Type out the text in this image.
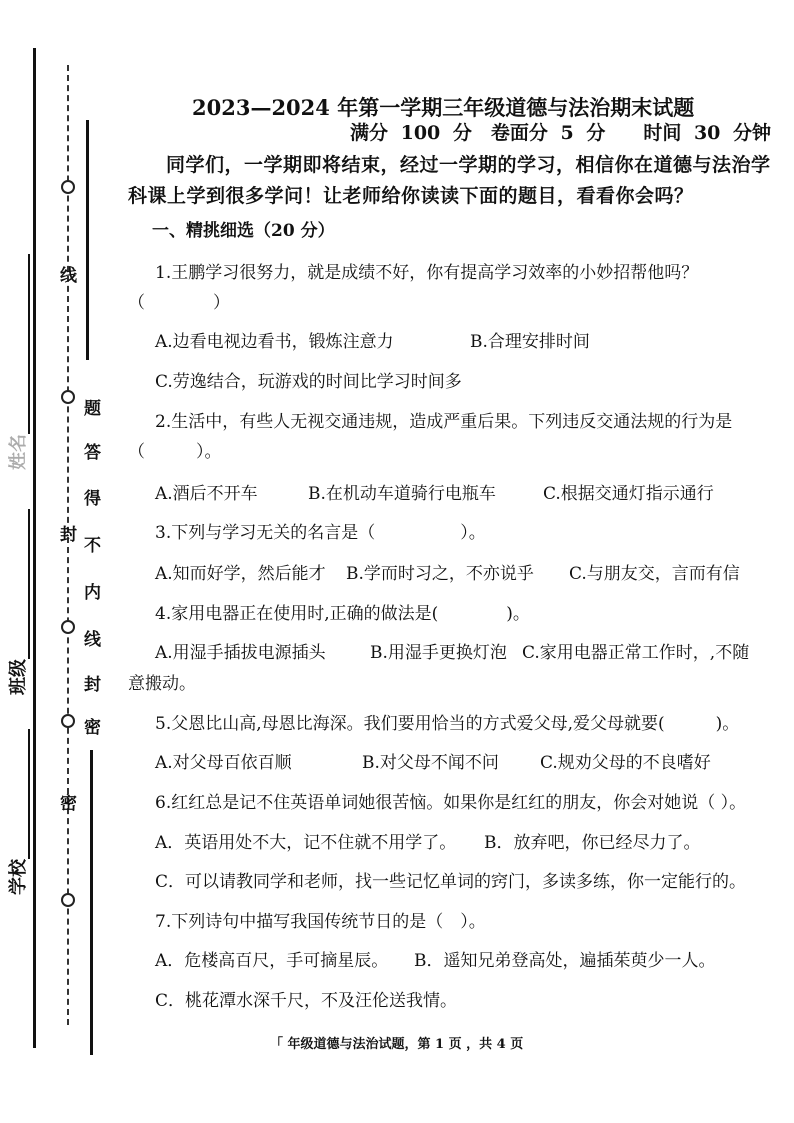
线
封
封
密
题
答
得
不
内
线
密
学校
班级
姓名
2023—2024 年第一学期三年级道德与法治期末试题
满分 100 分　卷面分 5 分　　时间 30 分钟
同学们，一学期即将结束，经过一学期的学习，相信你在道德与法治学科课上学到很多学问！让老师给你读读下面的题目，看看你会吗？
一、精挑细选（20 分）
1.王鹏学习很努力，就是成绩不好，你有提高学习效率的小妙招帮他吗？
（　　　　）
A.边看电视边看书，锻炼注意力	B.合理安排时间
C.劳逸结合，玩游戏的时间比学习时间多
2.生活中，有些人无视交通违规，造成严重后果。下列违反交通法规的行为是
（　　　）。
A.酒后不开车	B.在机动车道骑行电瓶车	C.根据交通灯指示通行
3.下列与学习无关的名言是（　　　　　）。
A.知而好学，然后能才 B.学而时习之，不亦说乎 C.与朋友交，言而有信
4.家用电器正在使用时,正确的做法是(　　　　)。
A.用湿手插拔电源插头	B.用湿手更换灯泡 C.家用电器正常工作时，,不随
意搬动。
5.父恩比山高,母恩比海深。我们要用恰当的方式爱父母,爱父母就要(　　　)。
A.对父母百依百顺	B.对父母不闻不问 C.规劝父母的不良嗜好
6.红红总是记不住英语单词她很苦恼。如果你是红红的朋友，你会对她说（ ）。
A．英语用处不大，记不住就不用学了。 B．放弃吧，你已经尽力了。
C．可以请教同学和老师，找一些记忆单词的窍门，多读多练，你一定能行的。
7.下列诗句中描写我国传统节日的是（　）。
A．危楼高百尺，手可摘星辰。 B．遥知兄弟登高处，遍插茱萸少一人。
C．桃花潭水深千尺，不及汪伦送我情。
「 年级道德与法治试题，第 1 页 ，共 4 页
